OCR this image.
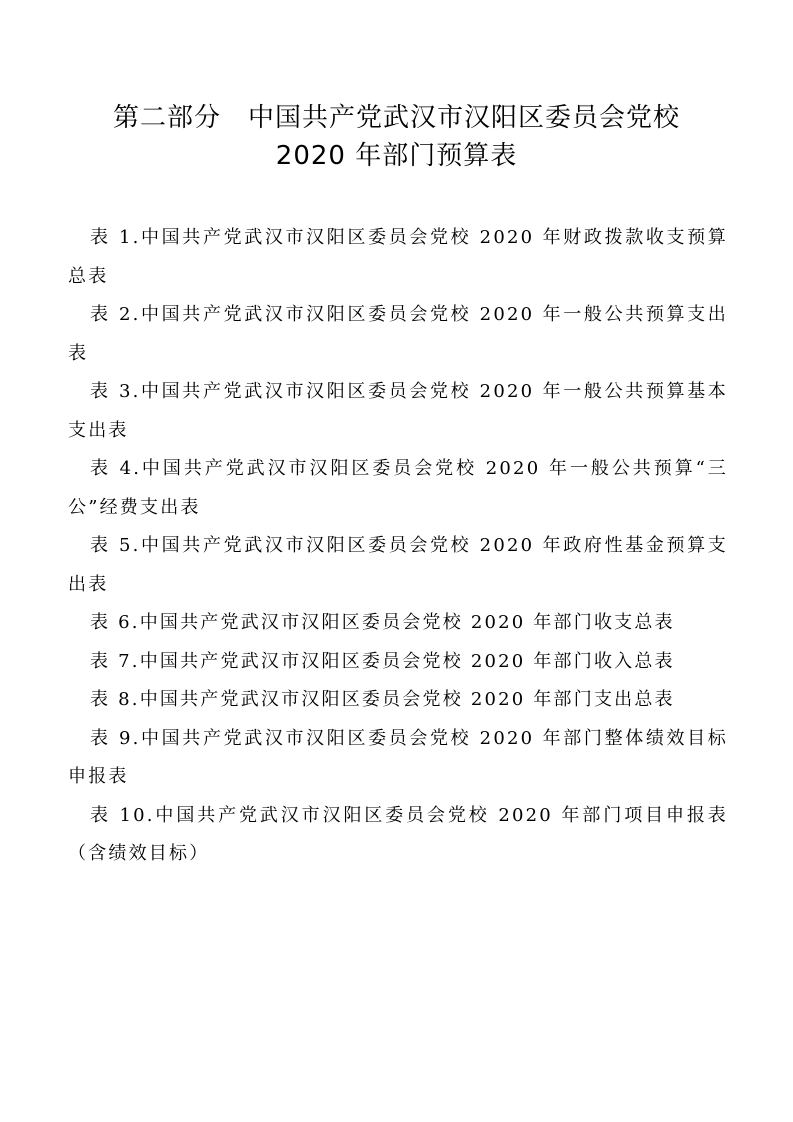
第二部分　中国共产党武汉市汉阳区委员会党校
2020 年部门预算表
表 1.中国共产党武汉市汉阳区委员会党校 2020 年财政拨款收支预算总表
表 2.中国共产党武汉市汉阳区委员会党校 2020 年一般公共预算支出表
表 3.中国共产党武汉市汉阳区委员会党校 2020 年一般公共预算基本支出表
表 4.中国共产党武汉市汉阳区委员会党校 2020 年一般公共预算“三公”经费支出表
表 5.中国共产党武汉市汉阳区委员会党校 2020 年政府性基金预算支出表
表 6.中国共产党武汉市汉阳区委员会党校 2020 年部门收支总表
表 7.中国共产党武汉市汉阳区委员会党校 2020 年部门收入总表
表 8.中国共产党武汉市汉阳区委员会党校 2020 年部门支出总表
表 9.中国共产党武汉市汉阳区委员会党校 2020 年部门整体绩效目标申报表
表 10.中国共产党武汉市汉阳区委员会党校 2020 年部门项目申报表（含绩效目标）
